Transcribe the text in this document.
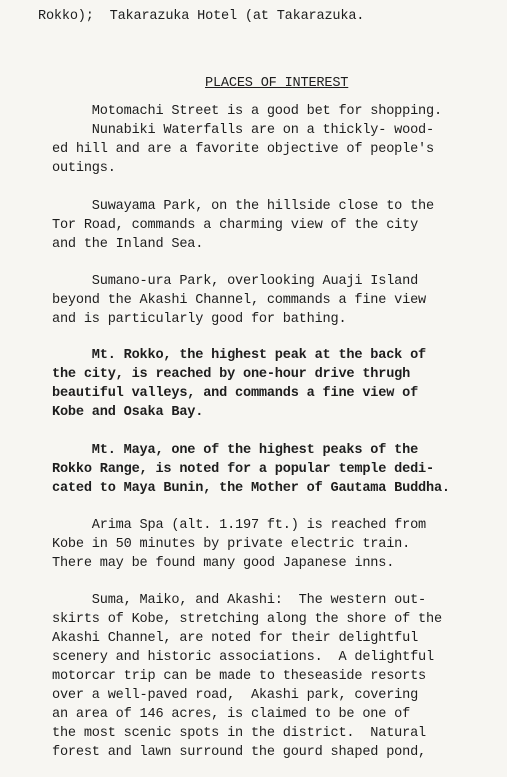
Rokko);  Takarazuka Hotel (at Takarazuka.
PLACES OF INTEREST
Motomachi Street is a good bet for shopping.
Nunabiki Waterfalls are on a thickly- wood-
ed hill and are a favorite objective of people's
outings.
Suwayama Park, on the hillside close to the
Tor Road, commands a charming view of the city
and the Inland Sea.
Sumano-ura Park, overlooking Auaji Island
beyond the Akashi Channel, commands a fine view
and is particularly good for bathing.
Mt. Rokko, the highest peak at the back of
the city, is reached by one-hour drive thrugh
beautiful valleys, and commands a fine view of
Kobe and Osaka Bay.
Mt. Maya, one of the highest peaks of the
Rokko Range, is noted for a popular temple dedi-
cated to Maya Bunin, the Mother of Gautama Buddha.
Arima Spa (alt. 1.197 ft.) is reached from
Kobe in 50 minutes by private electric train.
There may be found many good Japanese inns.
Suma, Maiko, and Akashi:  The western out-
skirts of Kobe, stretching along the shore of the
Akashi Channel, are noted for their delightful
scenery and historic associations.  A delightful
motorcar trip can be made to theseaside resorts
over a well-paved road,  Akashi park, covering
an area of 146 acres, is claimed to be one of
the most scenic spots in the district.  Natural
forest and lawn surround the gourd shaped pond,
